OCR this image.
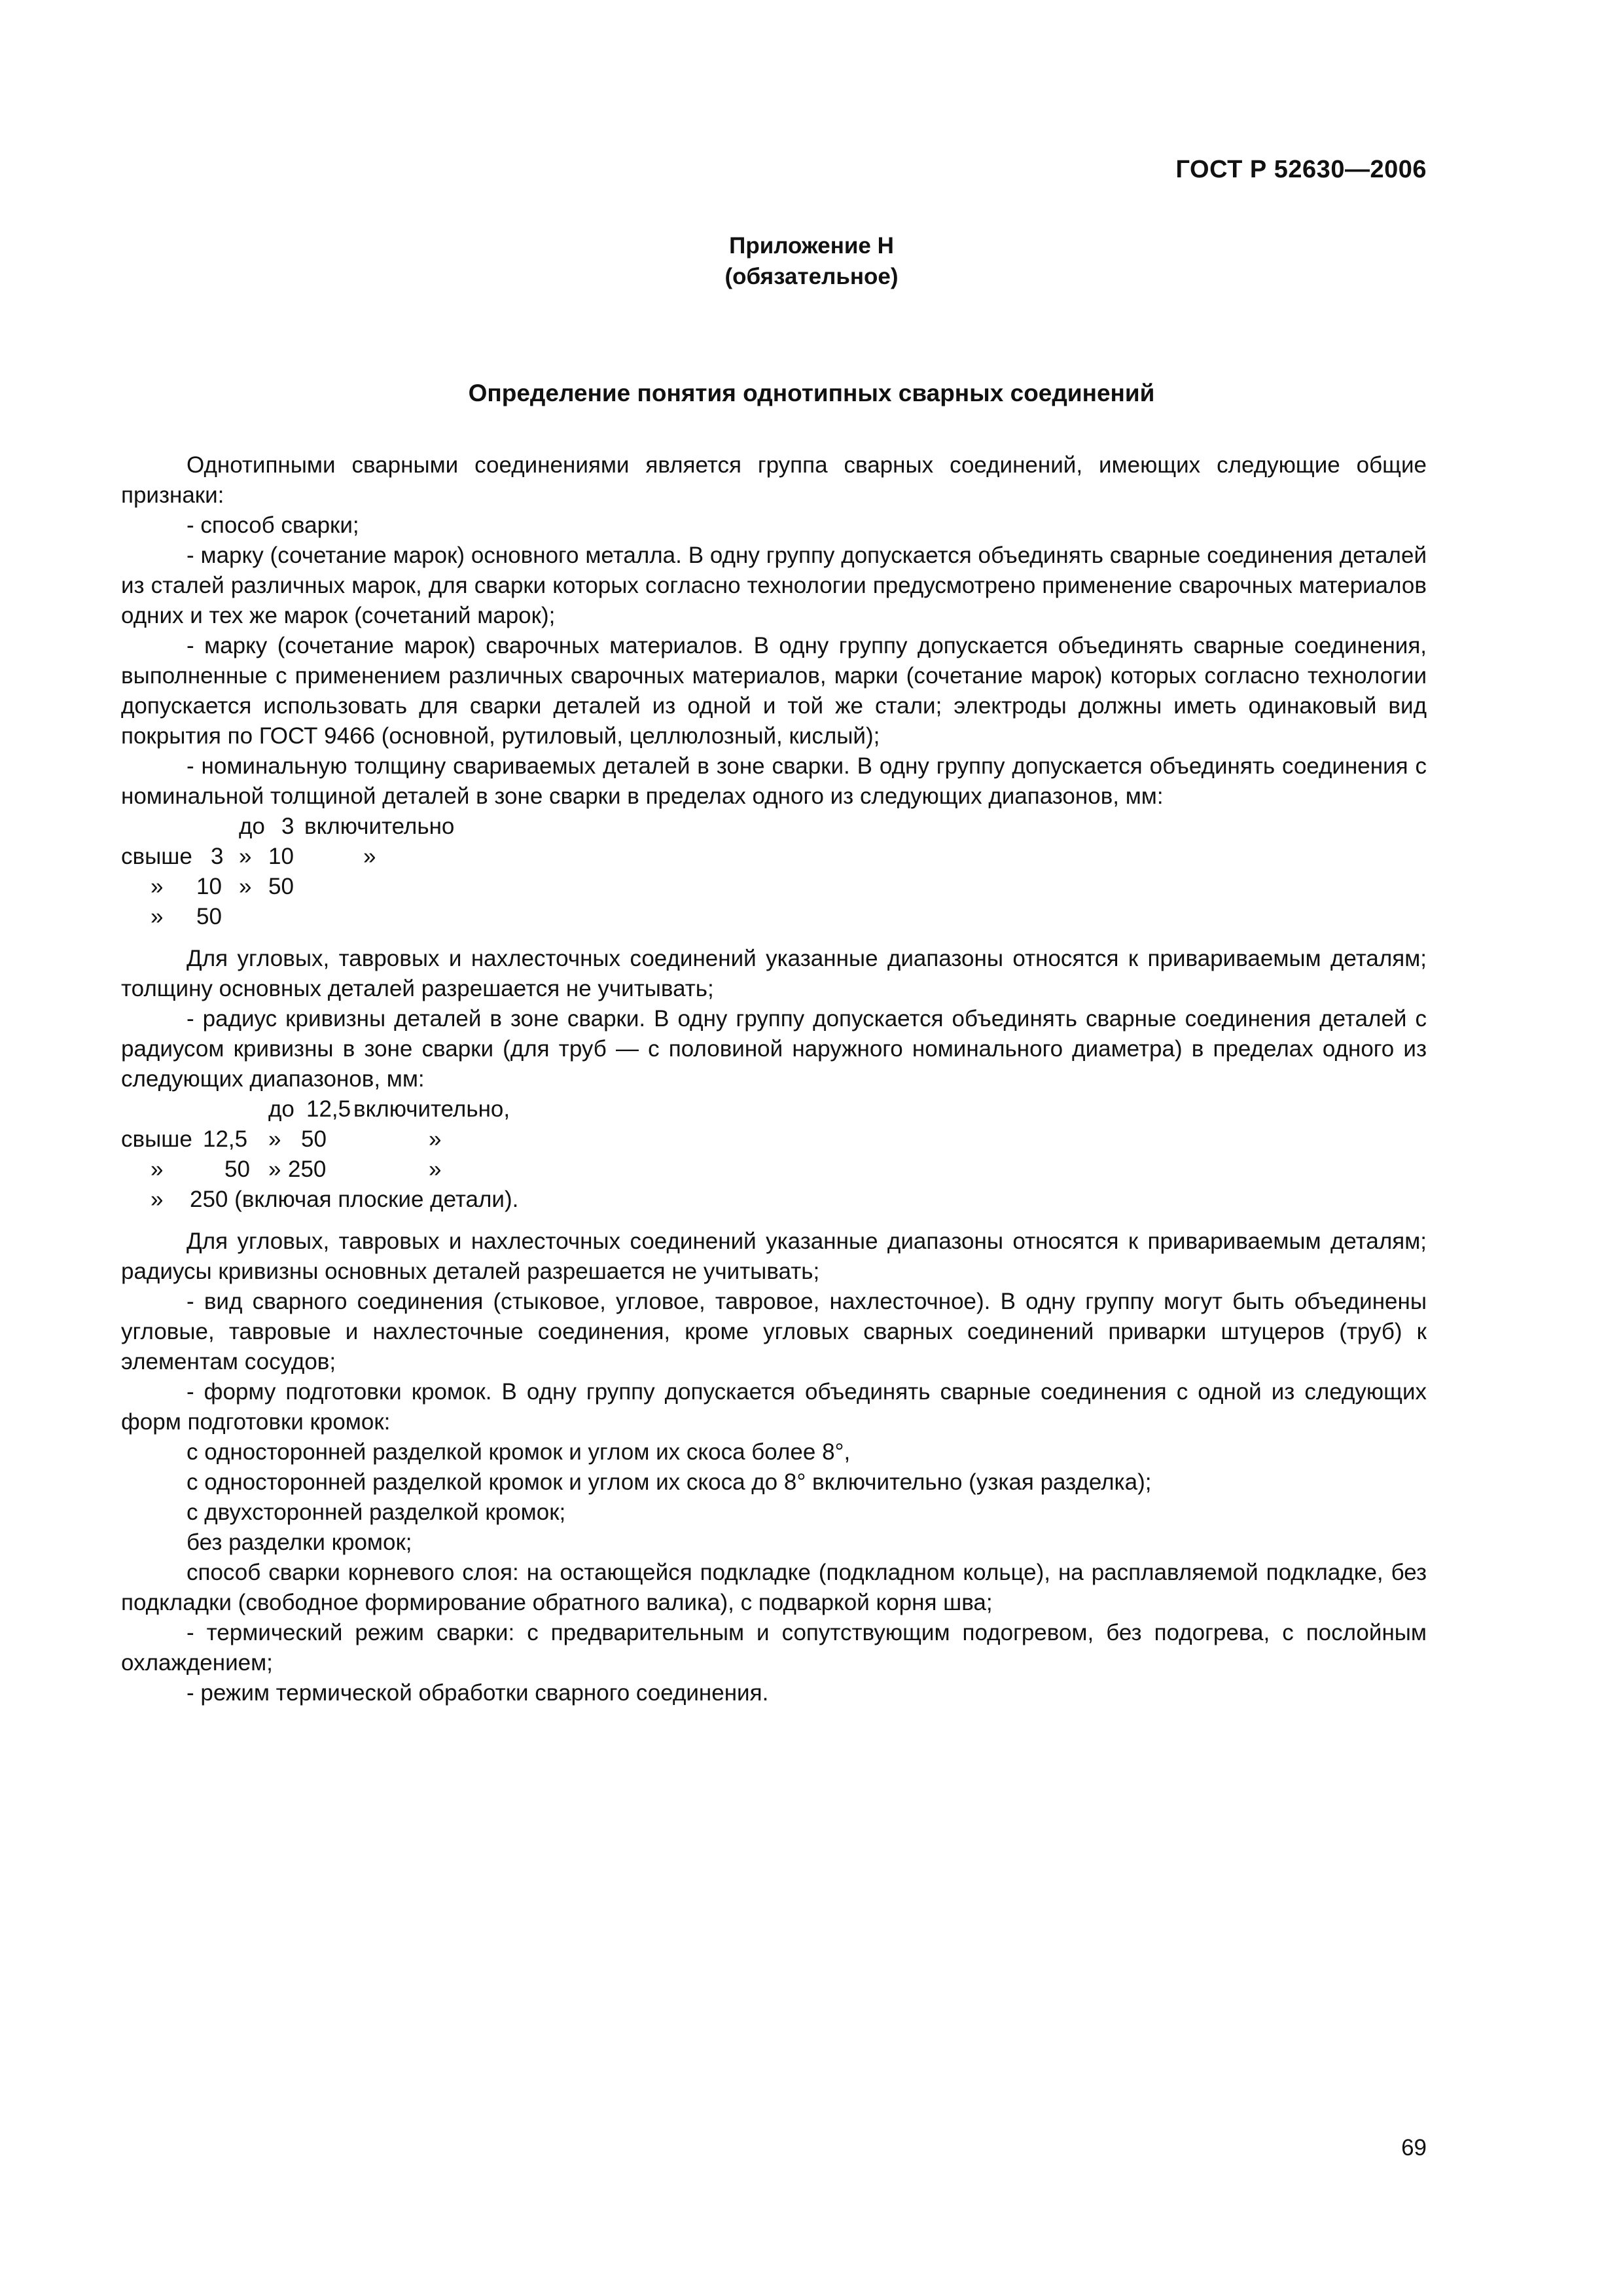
ГОСТ Р 52630—2006
Приложение Н
(обязательное)
Определение понятия однотипных сварных соединений

Однотипными сварными соединениями является группа сварных соединений, имеющих следующие общие признаки:

- способ сварки;

- марку (сочетание марок) основного металла. В одну группу допускается объединять сварные соединения деталей из сталей различных марок, для сварки которых согласно технологии предусмотрено применение сварочных материалов одних и тех же марок (сочетаний марок);

- марку (сочетание марок) сварочных материалов. В одну группу допускается объединять сварные соединения, выполненные с применением различных сварочных материалов, марки (сочетание марок) которых согласно технологии допускается использовать для сварки деталей из одной и той же стали; электроды должны иметь одинаковый вид покрытия по ГОСТ 9466 (основной, рутиловый, целлюлозный, кислый);

- номинальную толщину свариваемых деталей в зоне сварки. В одну группу допускается объединять соединения с номинальной толщиной деталей в зоне сварки в пределах одного из следующих диапазонов, мм:

до 3 включительно
свыше 3 » 10	»
» 10 » 50
» 50

Для угловых, тавровых и нахлесточных соединений указанные диапазоны относятся к привариваемым деталям; толщину основных деталей разрешается не учитывать;

- радиус кривизны деталей в зоне сварки. В одну группу допускается объединять сварные соединения деталей с радиусом кривизны в зоне сварки (для труб — с половиной наружного номинального диаметра) в пределах одного из следующих диапазонов, мм:

до 12,5 включительно,
свыше 12,5 » 50	»
»	50 » 250	»
» 250 (включая плоские детали).

Для угловых, тавровых и нахлесточных соединений указанные диапазоны относятся к привариваемым деталям; радиусы кривизны основных деталей разрешается не учитывать;

- вид сварного соединения (стыковое, угловое, тавровое, нахлесточное). В одну группу могут быть объединены угловые, тавровые и нахлесточные соединения, кроме угловых сварных соединений приварки штуцеров (труб) к элементам сосудов;

- форму подготовки кромок. В одну группу допускается объединять сварные соединения с одной из следующих форм подготовки кромок:

с односторонней разделкой кромок и углом их скоса более 8°,

с односторонней разделкой кромок и углом их скоса до 8° включительно (узкая разделка);

с двухсторонней разделкой кромок;

без разделки кромок;

способ сварки корневого слоя: на остающейся подкладке (подкладном кольце), на расплавляемой подкладке, без подкладки (свободное формирование обратного валика), с подваркой корня шва;

- термический режим сварки: с предварительным и сопутствующим подогревом, без подогрева, с послойным охлаждением;

- режим термической обработки сварного соединения.

69
